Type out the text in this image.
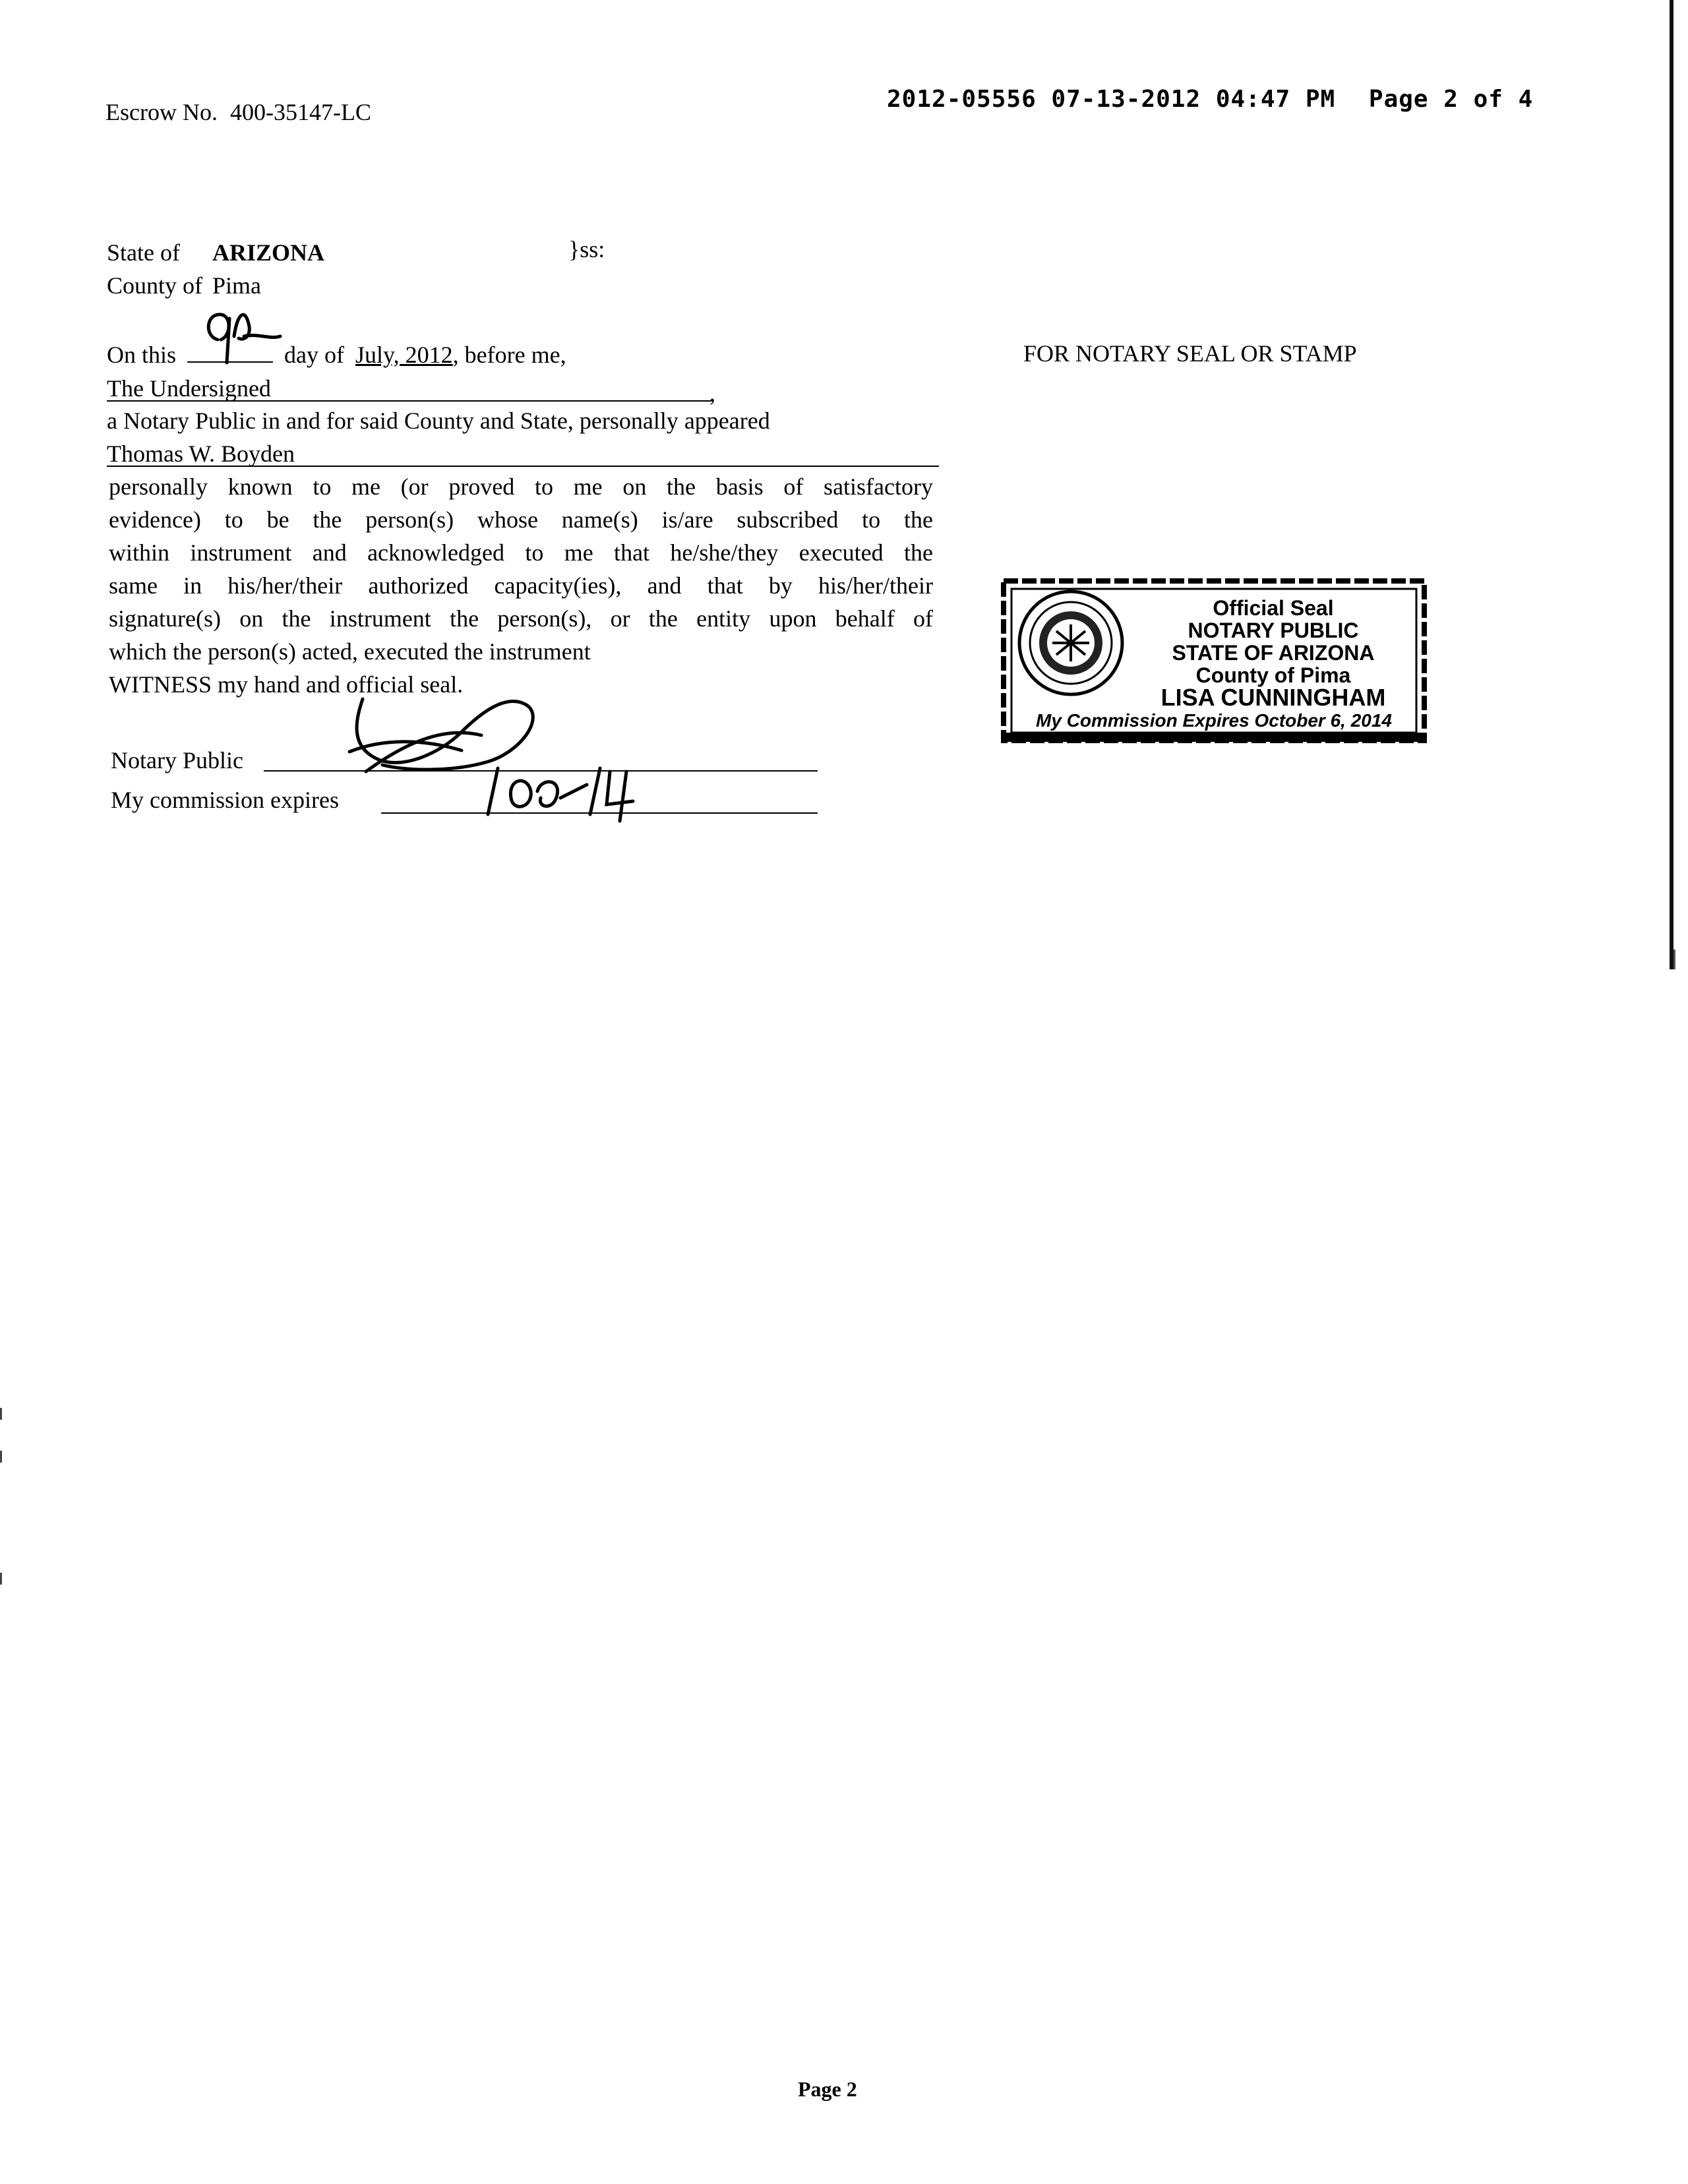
Escrow No. 400-35147-LC	2012-05556 07-13-2012 04:47 PM Page 2 of 4
State of ARIZONA	}ss:
County of Pima
On this	day of July, 2012, before me,
The Undersigned	,
a Notary Public in and for said County and State, personally appeared
Thomas W. Boyden
personally known to me (or proved to me on the basis of satisfactory
evidence) to be the person(s) whose name(s) is/are subscribed to the
within instrument and acknowledged to me that he/she/they executed the
same in his/her/their authorized capacity(ies), and that by his/her/their
signature(s) on the instrument the person(s), or the entity upon behalf of
which the person(s) acted, executed the instrument
WITNESS my hand and official seal.
Notary Public
My commission expires
FOR NOTARY SEAL OR STAMP
Official Seal
NOTARY PUBLIC
STATE OF ARIZONA
County of Pima
LISA CUNNINGHAM
My Commission Expires October 6, 2014
Page 2
